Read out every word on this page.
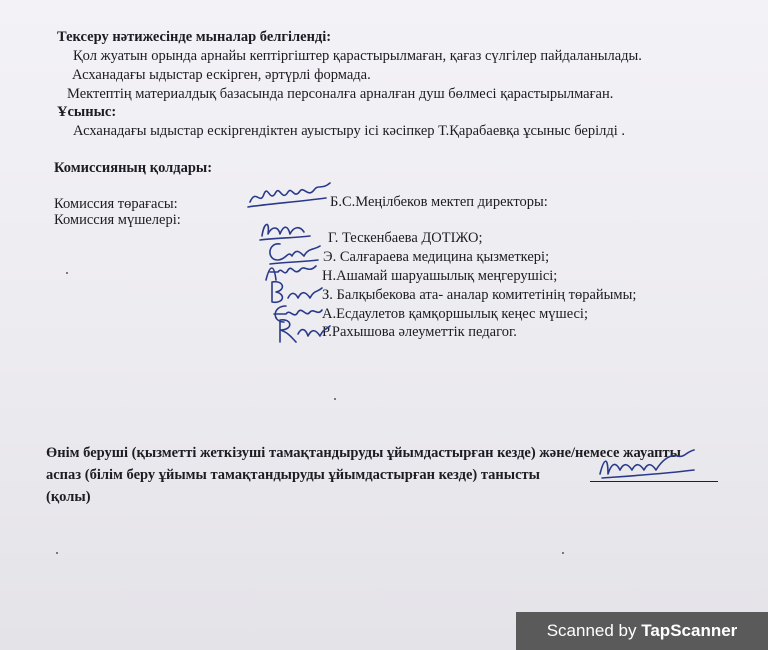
Тексеру нәтижесінде мыналар белгіленді:
Қол жуатын орында арнайы кептіргіштер қарастырылмаған, қағаз сүлгілер пайдаланылады.
Асханадағы ыдыстар ескірген, әртүрлі формада.
Мектептің материалдық базасында персоналға арналған душ бөлмесі қарастырылмаған.
Ұсыныс:
Асханадағы ыдыстар ескіргендіктен ауыстыру ісі кәсіпкер Т.Қарабаевқа ұсыныс берілді .
Комиссияның қолдары:
Комиссия төрағасы:	Б.С.Меңілбеков мектеп директоры:
Комиссия мүшелері:
Г. Тескенбаева ДОТІЖО;
Э. Салғараева медицина қызметкері;
Н.Ашамай шаруашылық меңгерушісі;
З. Балқыбекова ата- аналар комитетінің төрайымы;
А.Есдаулетов қамқоршылық кеңес мүшесі;
Р.Рахышова әлеуметтік педагог.
Өнім беруші (қызметті жеткізуші тамақтандыруды ұйымдастырған кезде) және/немесе жауапты
аспаз (білім беру ұйымы тамақтандыруды ұйымдастырған кезде) танысты
(қолы)
Scanned by TapScanner
